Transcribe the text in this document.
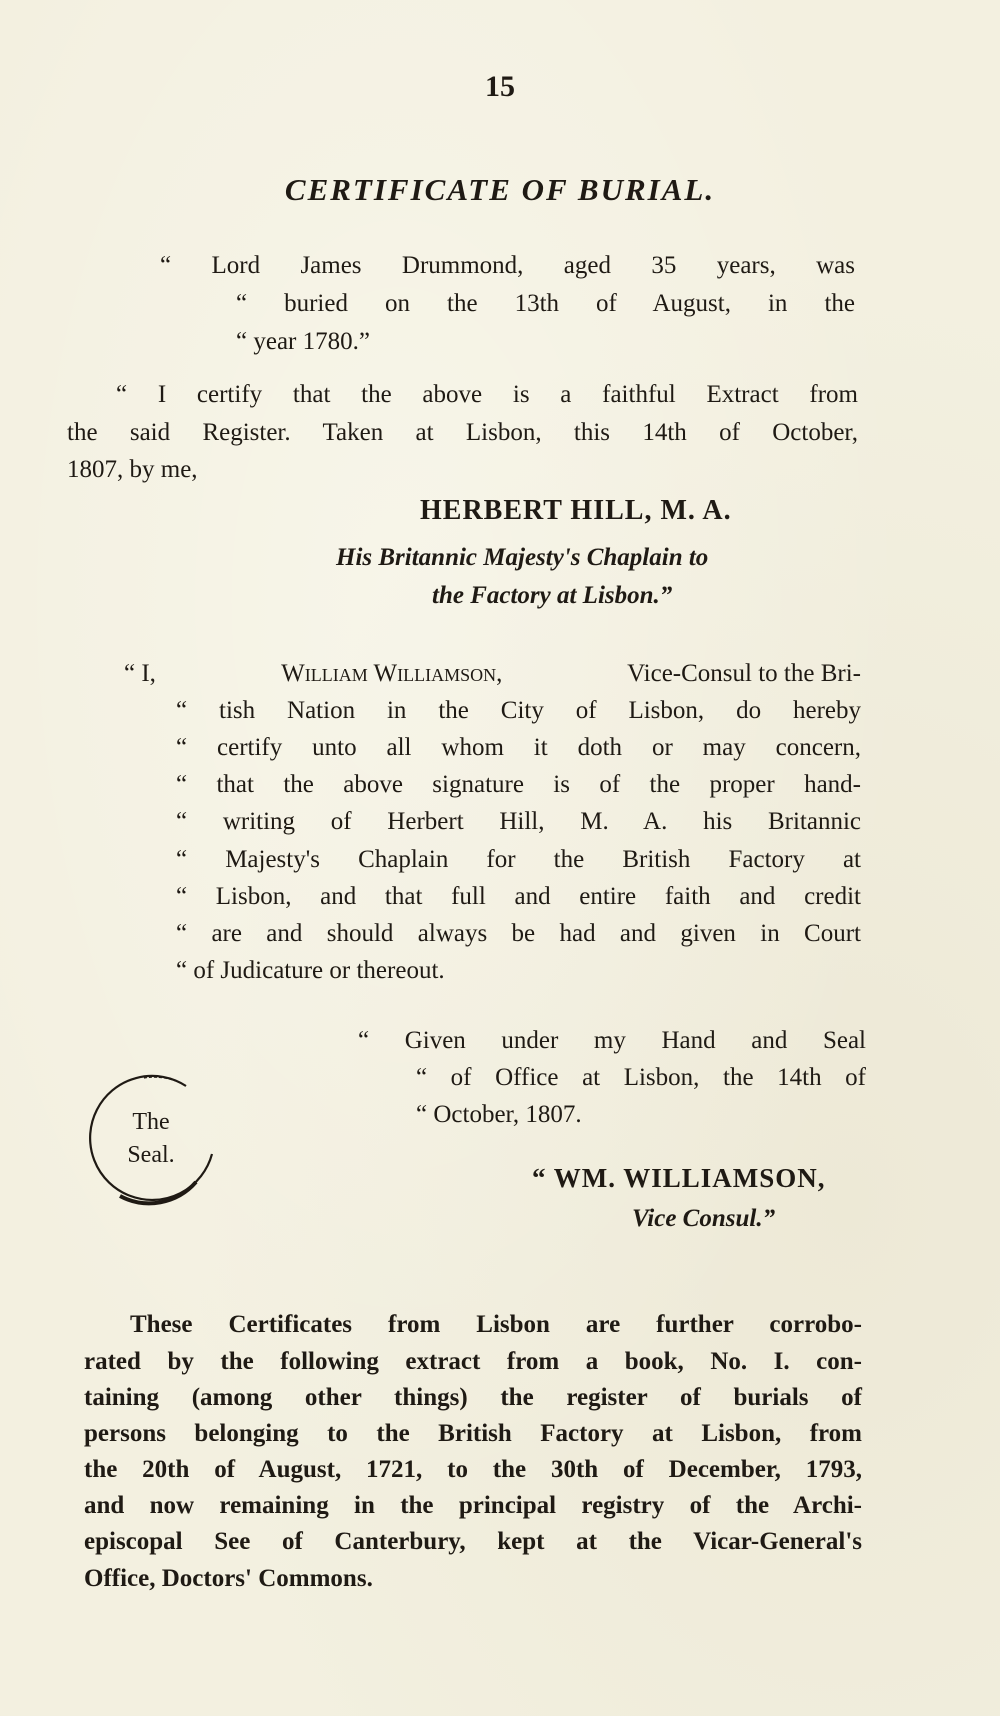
15
CERTIFICATE OF BURIAL.
“ Lord James Drummond, aged 35 years, was
“ buried on the 13th of August, in the
“ year 1780.”
“ I certify that the above is a faithful Extract from
the said Register. Taken at Lisbon, this 14th of October,
1807, by me,
HERBERT HILL, M. A.
His Britannic Majesty's Chaplain to
the Factory at Lisbon.”
“ I,	William Williamson,	Vice-Consul to the Bri-
“ tish Nation in the City of Lisbon, do hereby
“ certify unto all whom it doth or may concern,
“ that the above signature is of the proper hand-
“ writing of Herbert Hill, M. A. his Britannic
“ Majesty's Chaplain for the British Factory at
“ Lisbon, and that full and entire faith and credit
“ are and should always be had and given in Court
“ of Judicature or thereout.
“ Given under my Hand and Seal
“ of Office at Lisbon, the 14th of
“ October, 1807.
The
Seal.
“ WM. WILLIAMSON,
Vice Consul.”
These Certificates from Lisbon are further corrobo-
rated by the following extract from a book, No. I. con-
taining (among other things) the register of burials of
persons belonging to the British Factory at Lisbon, from
the 20th of August, 1721, to the 30th of December, 1793,
and now remaining in the principal registry of the Archi-
episcopal See of Canterbury, kept at the Vicar-General's
Office, Doctors' Commons.
